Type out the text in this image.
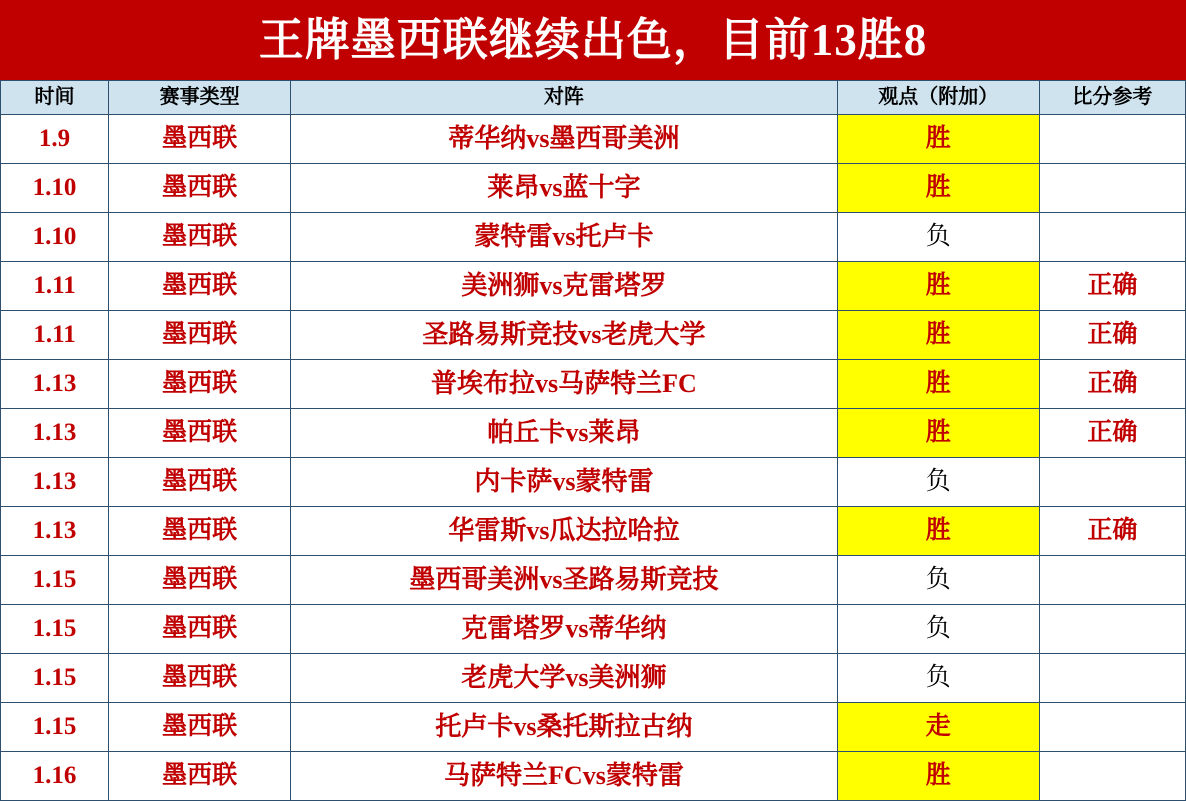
王牌墨西联继续出色，目前13胜8
时间	赛事类型	对阵	观点（附加）	比分参考
1.9	墨西联	蒂华纳vs墨西哥美洲	胜	
1.10	墨西联	莱昂vs蓝十字	胜	
1.10	墨西联	蒙特雷vs托卢卡	负	
1.11	墨西联	美洲狮vs克雷塔罗	胜	正确
1.11	墨西联	圣路易斯竞技vs老虎大学	胜	正确
1.13	墨西联	普埃布拉vs马萨特兰FC	胜	正确
1.13	墨西联	帕丘卡vs莱昂	胜	正确
1.13	墨西联	内卡萨vs蒙特雷	负	
1.13	墨西联	华雷斯vs瓜达拉哈拉	胜	正确
1.15	墨西联	墨西哥美洲vs圣路易斯竞技	负	
1.15	墨西联	克雷塔罗vs蒂华纳	负	
1.15	墨西联	老虎大学vs美洲狮	负	
1.15	墨西联	托卢卡vs桑托斯拉古纳	走	
1.16	墨西联	马萨特兰FCvs蒙特雷	胜	
